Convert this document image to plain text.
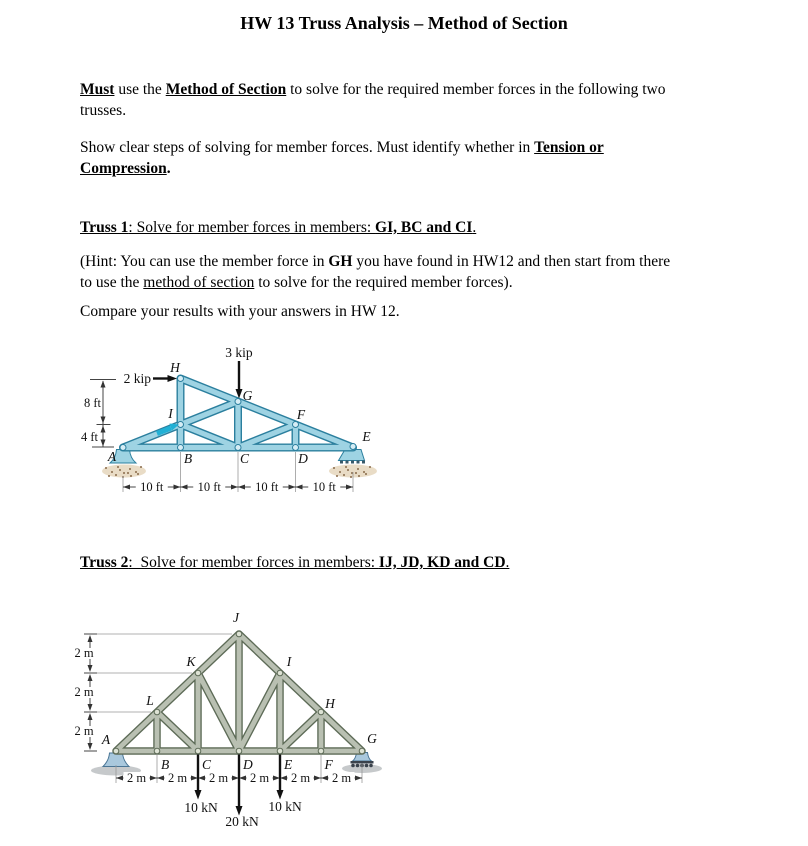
HW 13 Truss Analysis – Method of Section
Must use the Method of Section to solve for the required member forces in the following two
trusses.
Show clear steps of solving for member forces. Must identify whether in Tension or
Compression.
Truss 1: Solve for member forces in members: GI, BC and CI.
(Hint: You can use the member force in GH you have found in HW12 and then start from there
to use the method of section to solve for the required member forces).
Compare your results with your answers in HW 12.
8 ft
4 ft
10 ft	10 ft	10 ft	10 ft
2 kip
3 kip
A	B	C	D
E
F
G
H
I
Truss 2:  Solve for member forces in members: IJ, JD, KD and CD.
2 m
2 m
2 m
2 m 2 m 2 m 2 m 2 m 2 m
10 kN
20 kN
10 kN
A
B C D E F
G
H
I
J
K
L
